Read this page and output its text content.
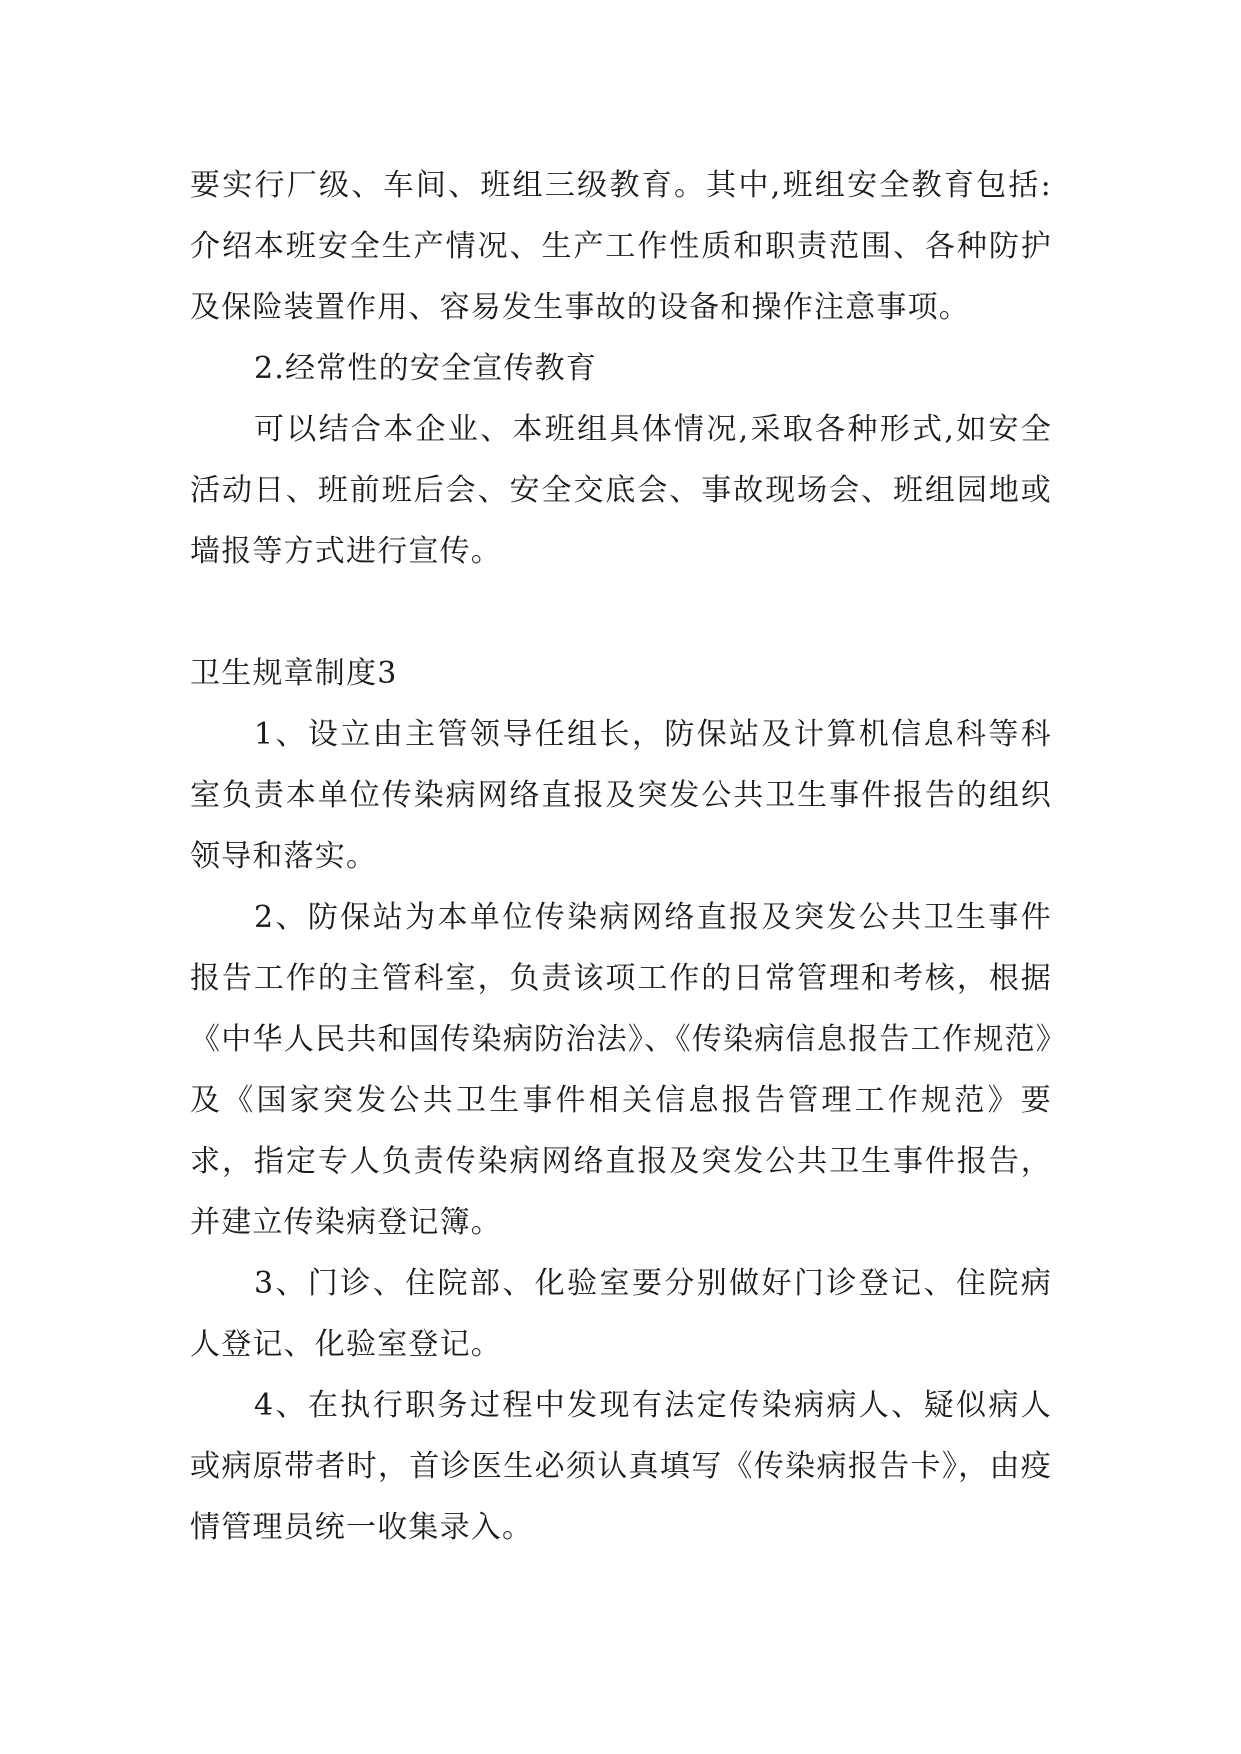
要实行厂级、车间、班组三级教育。其中,班组安全教育包括:介绍本班安全生产情况、生产工作性质和职责范围、各种防护及保险装置作用、容易发生事故的设备和操作注意事项。

2.经常性的安全宣传教育

可以结合本企业、本班组具体情况,采取各种形式,如安全活动日、班前班后会、安全交底会、事故现场会、班组园地或墙报等方式进行宣传。

卫生规章制度3

1、设立由主管领导任组长，防保站及计算机信息科等科室负责本单位传染病网络直报及突发公共卫生事件报告的组织领导和落实。

2、防保站为本单位传染病网络直报及突发公共卫生事件报告工作的主管科室，负责该项工作的日常管理和考核，根据《中华人民共和国传染病防治法》、《传染病信息报告工作规范》及《国家突发公共卫生事件相关信息报告管理工作规范》要求，指定专人负责传染病网络直报及突发公共卫生事件报告，并建立传染病登记簿。

3、门诊、住院部、化验室要分别做好门诊登记、住院病人登记、化验室登记。

4、在执行职务过程中发现有法定传染病病人、疑似病人或病原带者时，首诊医生必须认真填写《传染病报告卡》，由疫情管理员统一收集录入。
